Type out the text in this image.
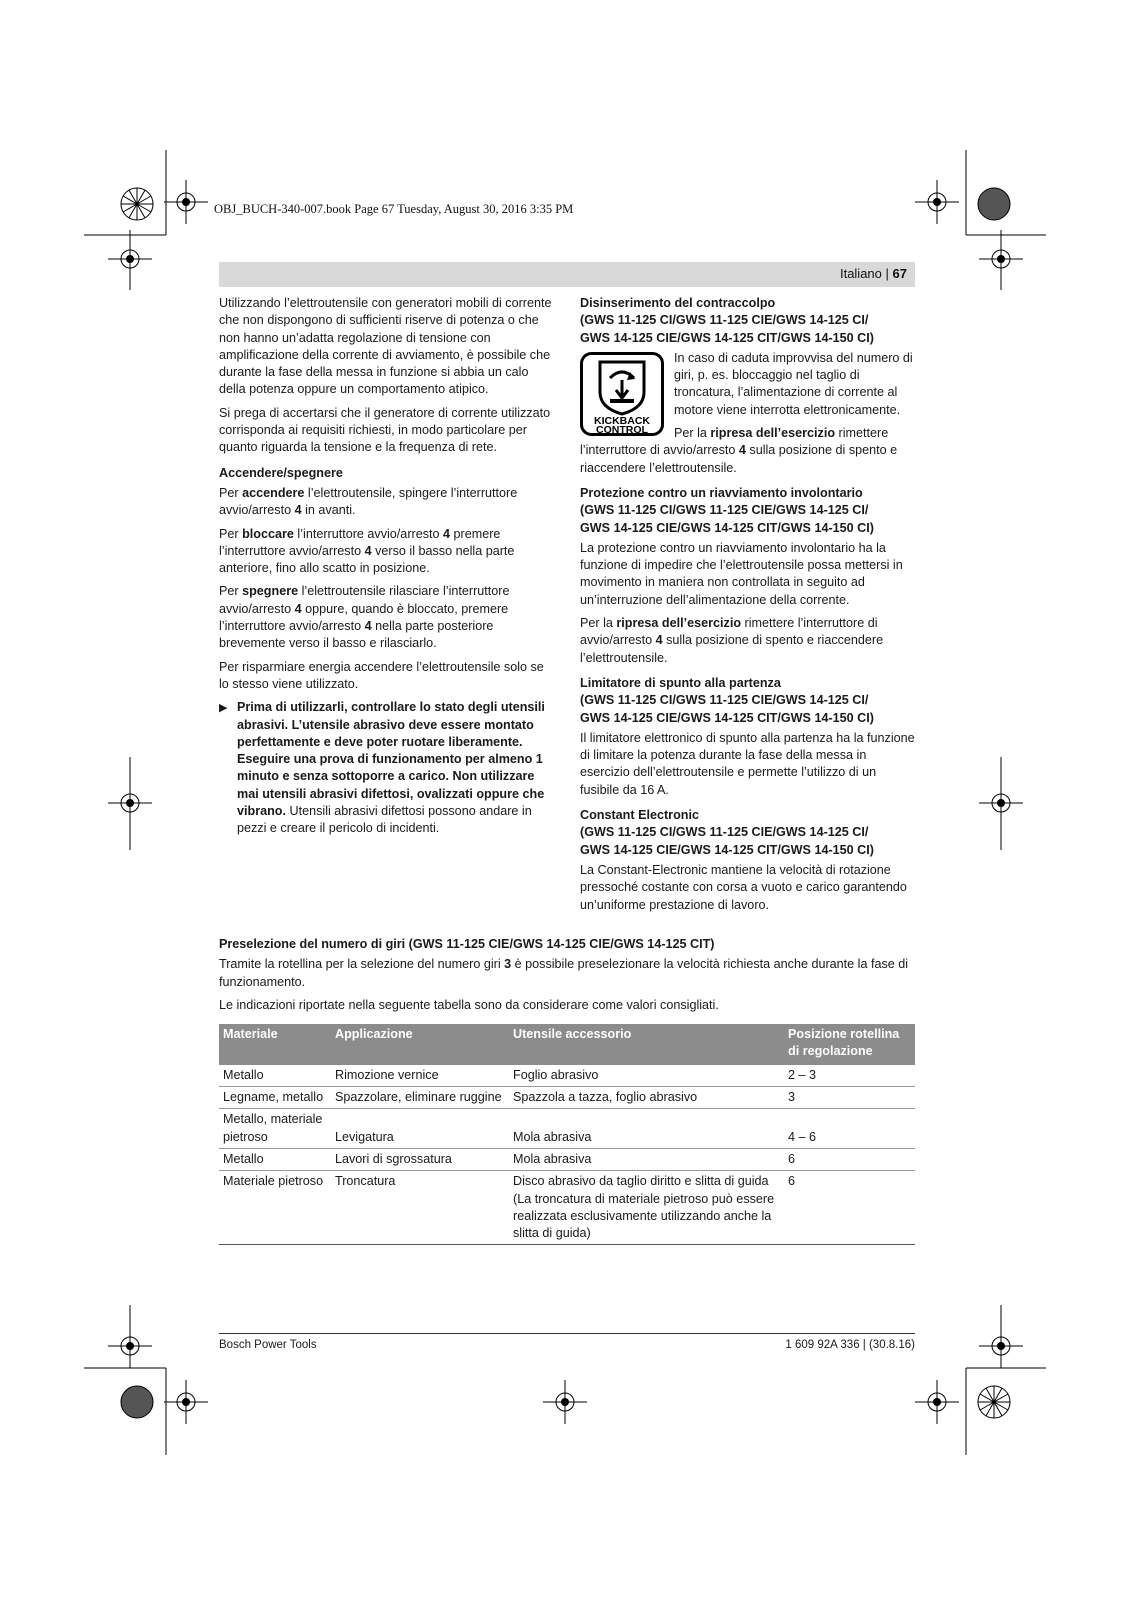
OBJ_BUCH-340-007.book Page 67 Tuesday, August 30, 2016 3:35 PM
Italiano | 67

Utilizzando l’elettroutensile con generatori mobili di corrente che non dispongono di sufficienti riserve di potenza o che non hanno un’adatta regolazione di tensione con amplificazione della corrente di avviamento, è possibile che durante la fase della messa in funzione si abbia un calo della potenza oppure un comportamento atipico.

Si prega di accertarsi che il generatore di corrente utilizzato corrisponda ai requisiti richiesti, in modo particolare per quanto riguarda la tensione e la frequenza di rete.

Accendere/spegnere

Per accendere l’elettroutensile, spingere l’interruttore avvio/arresto 4 in avanti.

Per bloccare l’interruttore avvio/arresto 4 premere l’interruttore avvio/arresto 4 verso il basso nella parte anteriore, fino allo scatto in posizione.

Per spegnere l’elettroutensile rilasciare l’interruttore avvio/arresto 4 oppure, quando è bloccato, premere l’interruttore avvio/arresto 4 nella parte posteriore brevemente verso il basso e rilasciarlo.

Per risparmiare energia accendere l’elettroutensile solo se lo stesso viene utilizzato.

▶ Prima di utilizzarli, controllare lo stato degli utensili abrasivi. L’utensile abrasivo deve essere montato perfettamente e deve poter ruotare liberamente. Eseguire una prova di funzionamento per almeno 1 minuto e senza sottoporre a carico. Non utilizzare mai utensili abrasivi difettosi, ovalizzati oppure che vibrano. Utensili abrasivi difettosi possono andare in pezzi e creare il pericolo di incidenti.
Disinserimento del contraccolpo
(GWS 11-125 CI/GWS 11-125 CIE/GWS 14-125 CI/
GWS 14-125 CIE/GWS 14-125 CIT/GWS 14-150 CI)
KICKBACK
CONTROL

In caso di caduta improvvisa del numero di giri, p. es. bloccaggio nel taglio di troncatura, l’alimentazione di corrente al motore viene interrotta elettronicamente.

Per la ripresa dell’esercizio rimettere l’interruttore di avvio/arresto 4 sulla posizione di spento e riaccendere l’elettroutensile.

Protezione contro un riavviamento involontario
(GWS 11-125 CI/GWS 11-125 CIE/GWS 14-125 CI/
GWS 14-125 CIE/GWS 14-125 CIT/GWS 14-150 CI)

La protezione contro un riavviamento involontario ha la funzione di impedire che l’elettroutensile possa mettersi in movimento in maniera non controllata in seguito ad un’interruzione dell’alimentazione della corrente.

Per la ripresa dell’esercizio rimettere l’interruttore di avvio/arresto 4 sulla posizione di spento e riaccendere l’elettroutensile.

Limitatore di spunto alla partenza
(GWS 11-125 CI/GWS 11-125 CIE/GWS 14-125 CI/
GWS 14-125 CIE/GWS 14-125 CIT/GWS 14-150 CI)

Il limitatore elettronico di spunto alla partenza ha la funzione di limitare la potenza durante la fase della messa in esercizio dell’elettroutensile e permette l’utilizzo di un fusibile da 16 A.

Constant Electronic
(GWS 11-125 CI/GWS 11-125 CIE/GWS 14-125 CI/
GWS 14-125 CIE/GWS 14-125 CIT/GWS 14-150 CI)

La Constant-Electronic mantiene la velocità di rotazione pressoché costante con corsa a vuoto e carico garantendo un’uniforme prestazione di lavoro.

Preselezione del numero di giri (GWS 11-125 CIE/GWS 14-125 CIE/GWS 14-125 CIT)

Tramite la rotellina per la selezione del numero giri 3 è possibile preselezionare la velocità richiesta anche durante la fase di funzionamento.

Le indicazioni riportate nella seguente tabella sono da considerare come valori consigliati.

Materiale	Applicazione	Utensile accessorio	Posizione rotellina di regolazione
Metallo	Rimozione vernice	Foglio abrasivo	2 – 3
Legname, metallo	Spazzolare, eliminare ruggine	Spazzola a tazza, foglio abrasivo	3
Metallo, materiale pietroso	Levigatura	Mola abrasiva	4 – 6
Metallo	Lavori di sgrossatura	Mola abrasiva	6
Materiale pietroso	Troncatura	Disco abrasivo da taglio diritto e slitta di guida (La troncatura di materiale pietroso può essere realizzata esclusivamente utilizzando anche la slitta di guida)	6
Bosch Power Tools	1 609 92A 336 | (30.8.16)
